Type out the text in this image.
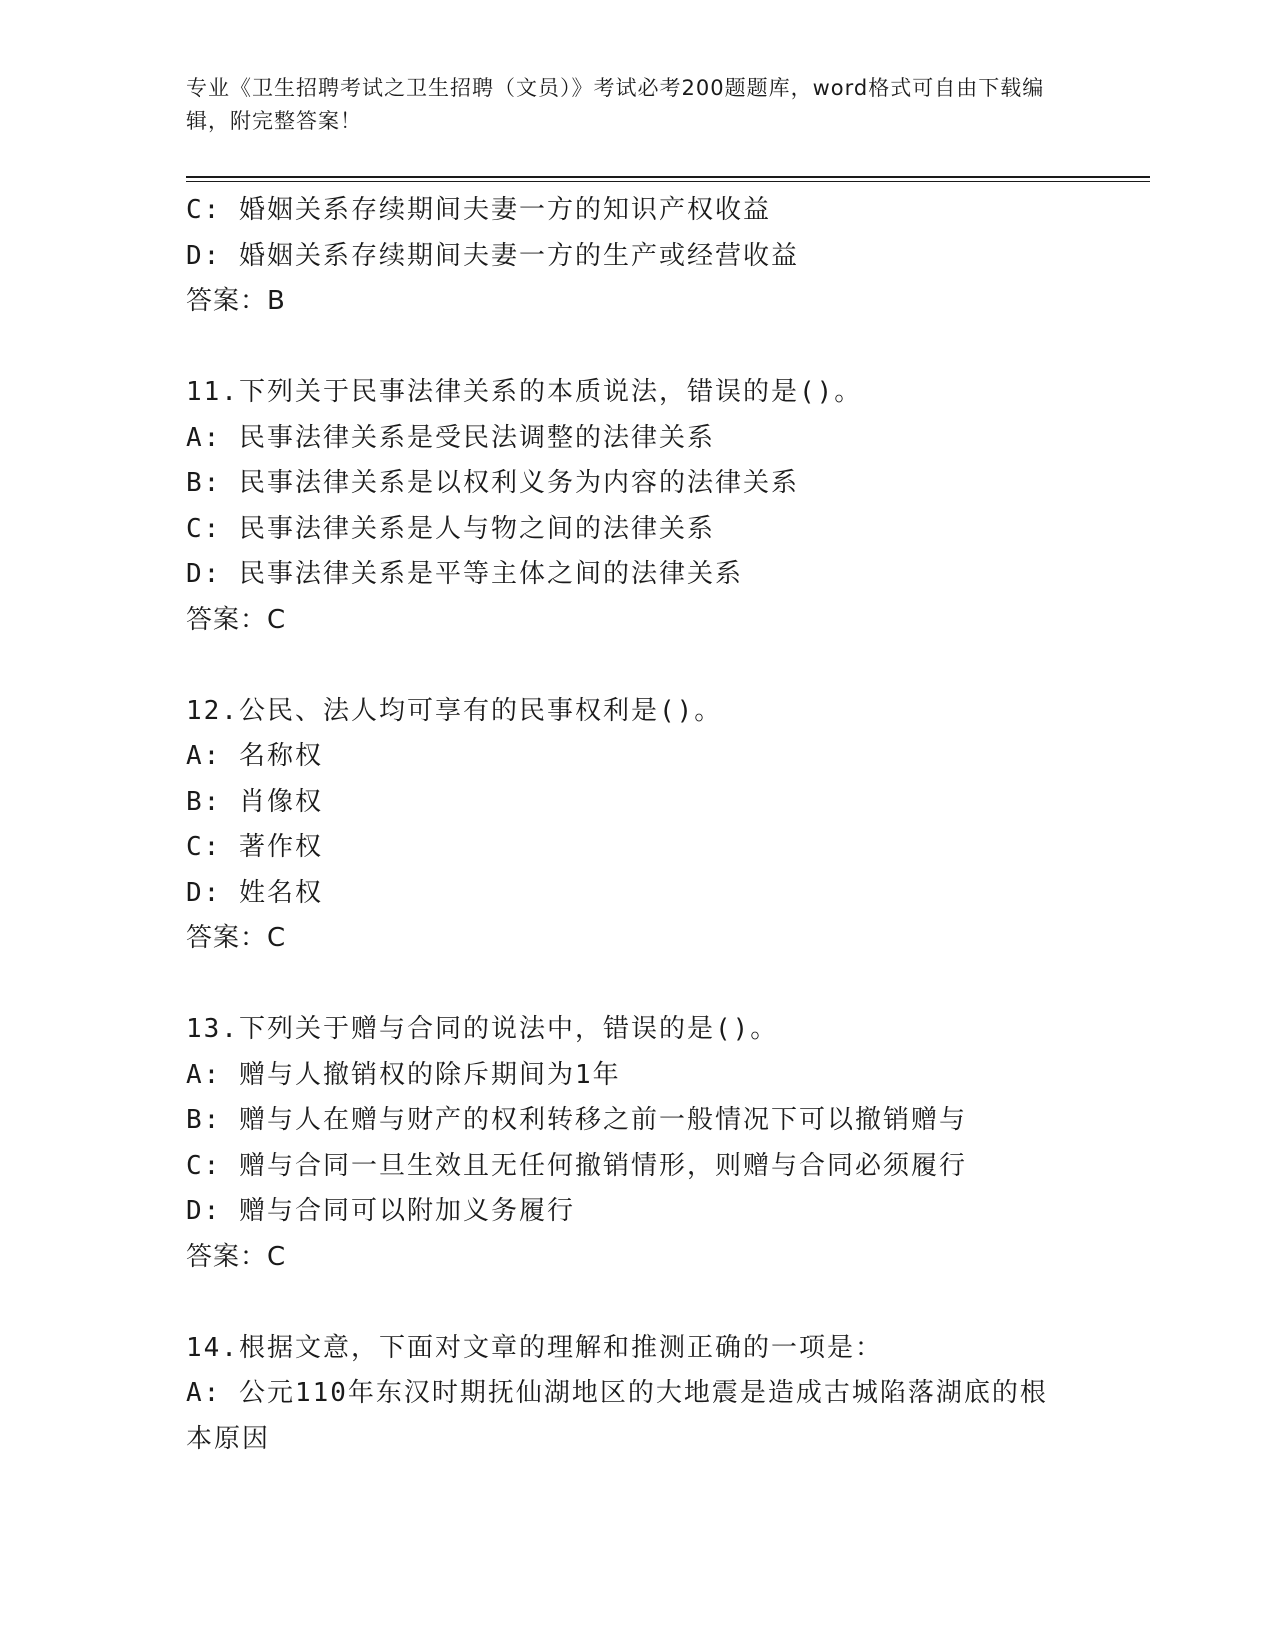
专业《卫生招聘考试之卫生招聘（文员）》考试必考200题题库，word格式可自由下载编辑，附完整答案！
C: 婚姻关系存续期间夫妻一方的知识产权收益
D: 婚姻关系存续期间夫妻一方的生产或经营收益
答案：B
11.下列关于民事法律关系的本质说法，错误的是()。
A: 民事法律关系是受民法调整的法律关系
B: 民事法律关系是以权利义务为内容的法律关系
C: 民事法律关系是人与物之间的法律关系
D: 民事法律关系是平等主体之间的法律关系
答案：C
12.公民、法人均可享有的民事权利是()。
A: 名称权
B: 肖像权
C: 著作权
D: 姓名权
答案：C
13.下列关于赠与合同的说法中，错误的是()。
A: 赠与人撤销权的除斥期间为1年
B: 赠与人在赠与财产的权利转移之前一般情况下可以撤销赠与
C: 赠与合同一旦生效且无任何撤销情形，则赠与合同必须履行
D: 赠与合同可以附加义务履行
答案：C
14.根据文意，下面对文章的理解和推测正确的一项是：
A: 公元110年东汉时期抚仙湖地区的大地震是造成古城陷落湖底的根本原因
